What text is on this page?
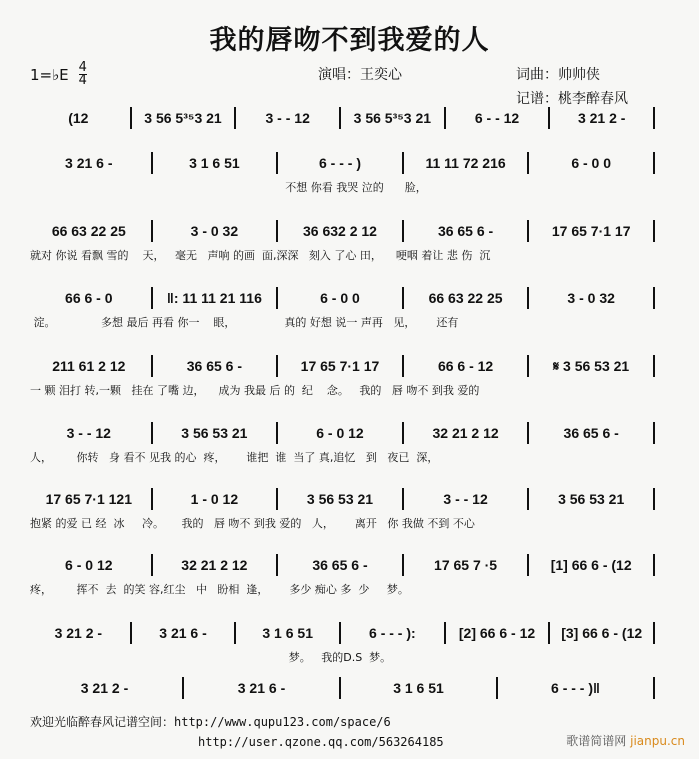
我的唇吻不到我爱的人
1=♭E $\frac{4}{4}$	演唱：王奕心	词曲：帅帅侠
记谱：桃李醉春风
(12	3 56 5³⁵3 21	3 - - 12	3 56 5³⁵3 21	6 - - 12	3 21 2 -
3 21 6 -	3 1 6 51	6 - - - )	11 11 72 216	6 - 0 0
不想 你看 我哭 泣的      脸，
66 63 22 25	3 - 0 32	36 632 2 12	36 65 6 -	17 65 7·1 17
就对 你说 看飘 雪的    天，   毫无   声响 的画  面,深深   刻入 了心 田，    哽咽 着让 悲 伤  沉
66 6 - 0	‖: 11 11 21 116	6 - 0 0	66 63 22 25	3 - 0 32
淀。             多想 最后 再看 你一    眼，              真的 好想 说一 声再   见，      还有
211 61 2 12	36 65 6 -	17 65 7·1 17	66 6 - 12	𝄋 3 56 53 21
一 颗 泪打 转,一颗   挂在 了嘴 边，    成为 我最 后 的  纪    念。   我的   唇 吻不 到我 爱的
3 - - 12	3 56 53 21	6 - 0 12	32 21 2 12	36 65 6 -
人，       你转   身 看不 见我 的心  疼，      谁把  谁  当了 真,追忆   到   夜已  深，
17 65 7·1 121	1 - 0 12	3 56 53 21	3 - - 12	3 56 53 21
抱紧 的爱 已 经  冰     冷。     我的   唇 吻不 到我 爱的   人，      离开   你 我做 不到 不心
6 - 0 12	32 21 2 12	36 65 6 -	17 65 7 ·5	[1] 66 6 - (12
疼，       挥不  去  的笑 容,红尘   中   盼相  逢，      多少 痴心 多  少     梦。
3 21 2 -	3 21 6 -	3 1 6 51	6 - - - ):	[2] 66 6 - 12	[3] 66 6 - (12
梦。   我的D.S  梦。
3 21 2 -	3 21 6 -	3 1 6 51	6 - - - )‖
欢迎光临醉春风记谱空间：http://www.qupu123.com/space/6
http://user.qzone.qq.com/563264185	歌谱简谱网 jianpu.cn
